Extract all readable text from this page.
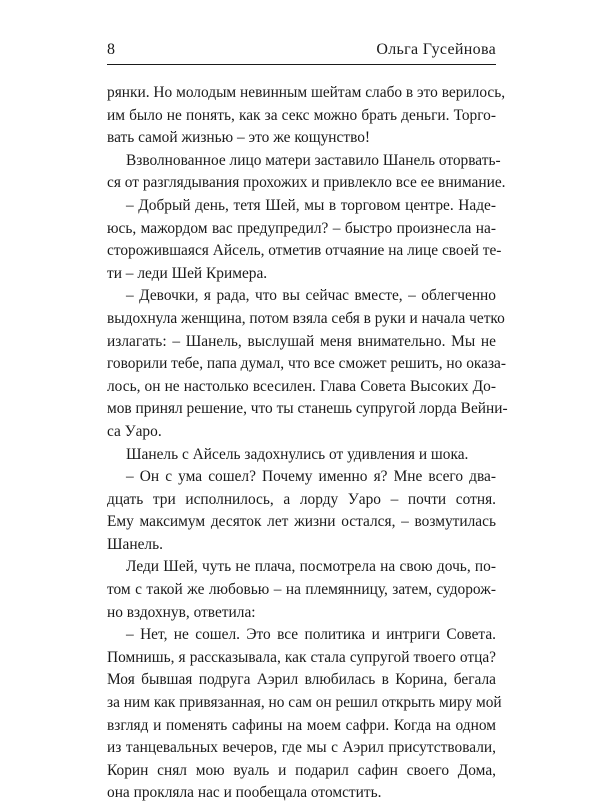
8	Ольга Гусейнова
рянки. Но молодым невинным шейтам слабо в это верилось,
им было не понять, как за секс можно брать деньги. Торго-
вать самой жизнью – это же кощунство!
Взволнованное лицо матери заставило Шанель оторвать-
ся от разглядывания прохожих и привлекло все ее внимание.
– Добрый день, тетя Шей, мы в торговом центре. Наде-
юсь, мажордом вас предупредил? – быстро произнесла на-
сторожившаяся Айсель, отметив отчаяние на лице своей те-
ти – леди Шей Кримера.
– Девочки, я рада, что вы сейчас вместе, – облегченно
выдохнула женщина, потом взяла себя в руки и начала четко
излагать: – Шанель, выслушай меня внимательно. Мы не
говорили тебе, папа думал, что все сможет решить, но оказа-
лось, он не настолько всесилен. Глава Совета Высоких До-
мов принял решение, что ты станешь супругой лорда Вейни-
са Уаро.
Шанель с Айсель задохнулись от удивления и шока.
– Он с ума сошел? Почему именно я? Мне всего два-
дцать три исполнилось, а лорду Уаро – почти сотня.
Ему максимум десяток лет жизни остался, – возмутилась
Шанель.
Леди Шей, чуть не плача, посмотрела на свою дочь, по-
том с такой же любовью – на племянницу, затем, судорож-
но вздохнув, ответила:
– Нет, не сошел. Это все политика и интриги Совета.
Помнишь, я рассказывала, как стала супругой твоего отца?
Моя бывшая подруга Аэрил влюбилась в Корина, бегала
за ним как привязанная, но сам он решил открыть миру мой
взгляд и поменять сафины на моем сафри. Когда на одном
из танцевальных вечеров, где мы с Аэрил присутствовали,
Корин снял мою вуаль и подарил сафин своего Дома,
она прокляла нас и пообещала отомстить.
